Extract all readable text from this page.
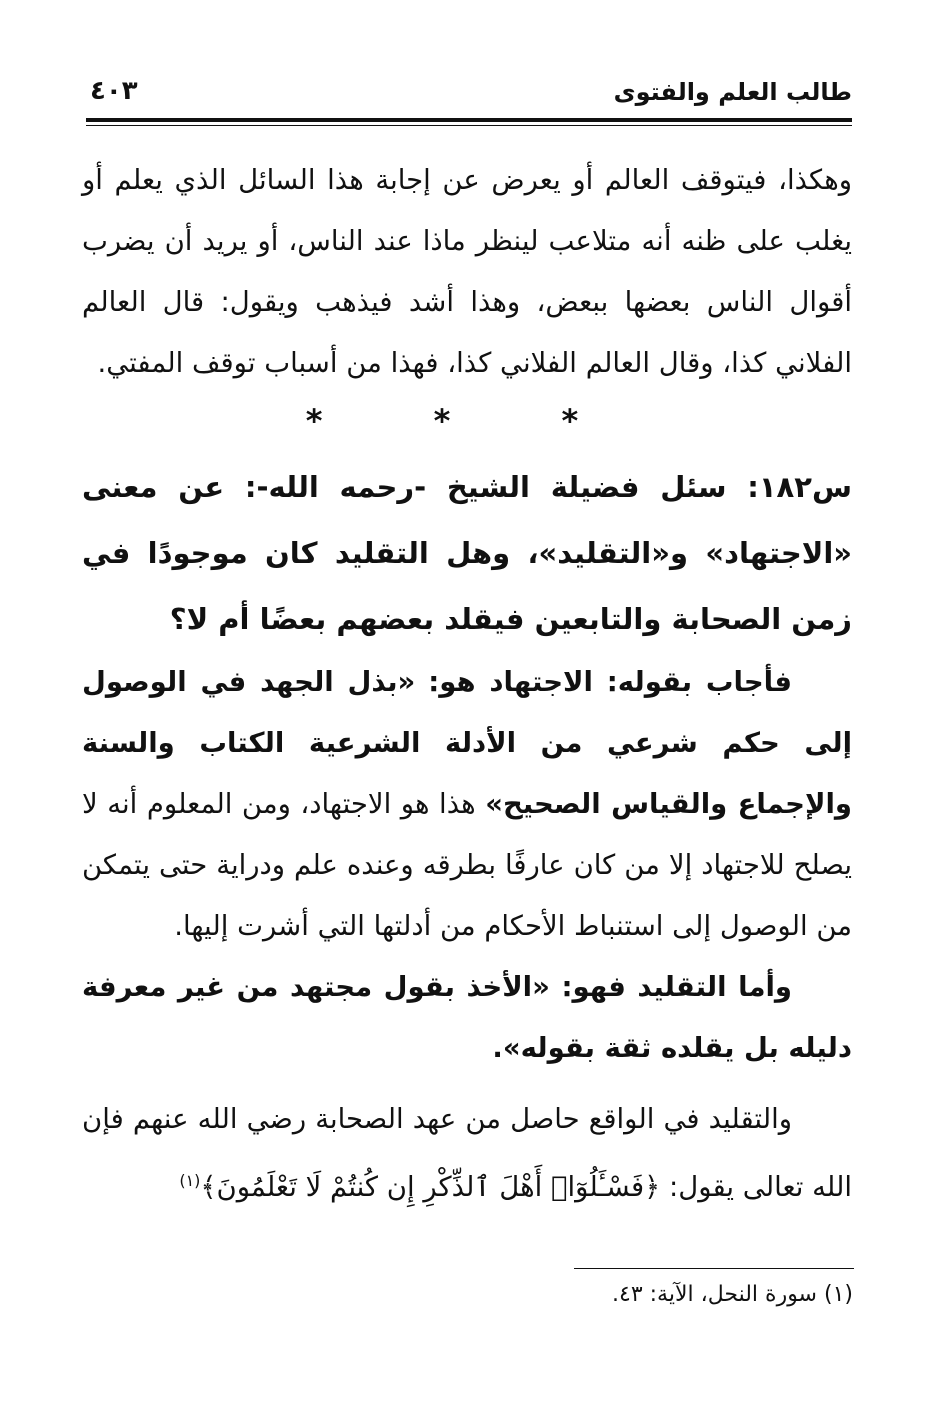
طالب العلم والفتوى
٤٠٣

وهكذا، فيتوقف العالم أو يعرض عن إجابة هذا السائل الذي يعلم أو يغلب على ظنه أنه متلاعب لينظر ماذا عند الناس، أو يريد أن يضرب أقوال الناس بعضها ببعض، وهذا أشد فيذهب ويقول: قال العالم الفلاني كذا، وقال العالم الفلاني كذا، فهذا من أسباب توقف المفتي.

* * *

س١٨٢: سئل فضيلة الشيخ -رحمه الله-: عن معنى «الاجتهاد» و«التقليد»، وهل التقليد كان موجودًا في زمن الصحابة والتابعين فيقلد بعضهم بعضًا أم لا؟

فأجاب بقوله: الاجتهاد هو: «بذل الجهد في الوصول إلى حكم شرعي من الأدلة الشرعية الكتاب والسنة والإجماع والقياس الصحيح» هذا هو الاجتهاد، ومن المعلوم أنه لا يصلح للاجتهاد إلا من كان عارفًا بطرقه وعنده علم ودراية حتى يتمكن من الوصول إلى استنباط الأحكام من أدلتها التي أشرت إليها.

وأما التقليد فهو: «الأخذ بقول مجتهد من غير معرفة دليله بل يقلده ثقة بقوله».

والتقليد في الواقع حاصل من عهد الصحابة رضي الله عنهم فإن الله تعالى يقول: ﴿فَسْـَٔلُوٓا۟ أَهْلَ ٱلذِّكْرِ إِن كُنتُمْ لَا تَعْلَمُونَ﴾$^{(١)}$

(١) سورة النحل، الآية: ٤٣.
